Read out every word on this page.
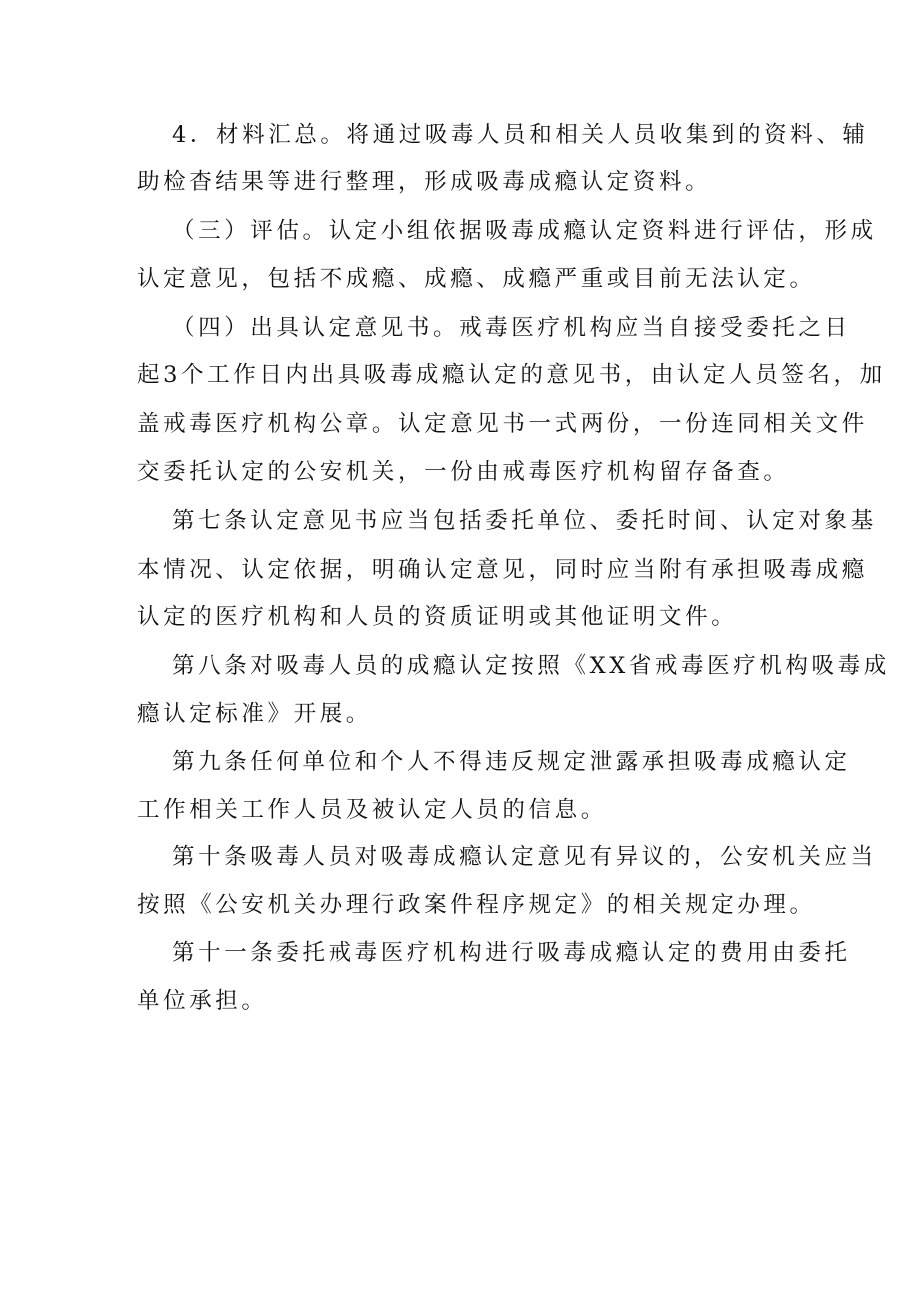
4．材料汇总。将通过吸毒人员和相关人员收集到的资料、辅
助检杳结果等进行整理，形成吸毒成瘾认定资料。
（三）评估。认定小组依据吸毒成瘾认定资料进行评估，形成
认定意见，包括不成瘾、成瘾、成瘾严重或目前无法认定。
（四）出具认定意见书。戒毒医疗机构应当自接受委托之日
起3个工作日内出具吸毒成瘾认定的意见书，由认定人员签名，加
盖戒毒医疗机构公章。认定意见书一式两份，一份连同相关文件
交委托认定的公安机关，一份由戒毒医疗机构留存备查。
第七条认定意见书应当包括委托单位、委托时间、认定对象基
本情况、认定依据，明确认定意见，同时应当附有承担吸毒成瘾
认定的医疗机构和人员的资质证明或其他证明文件。
第八条对吸毒人员的成瘾认定按照《XX省戒毒医疗机构吸毒成
瘾认定标准》开展。
第九条任何单位和个人不得违反规定泄露承担吸毒成瘾认定
工作相关工作人员及被认定人员的信息。
第十条吸毒人员对吸毒成瘾认定意见有异议的，公安机关应当
按照《公安机关办理行政案件程序规定》的相关规定办理。
第十一条委托戒毒医疗机构进行吸毒成瘾认定的费用由委托
单位承担。
